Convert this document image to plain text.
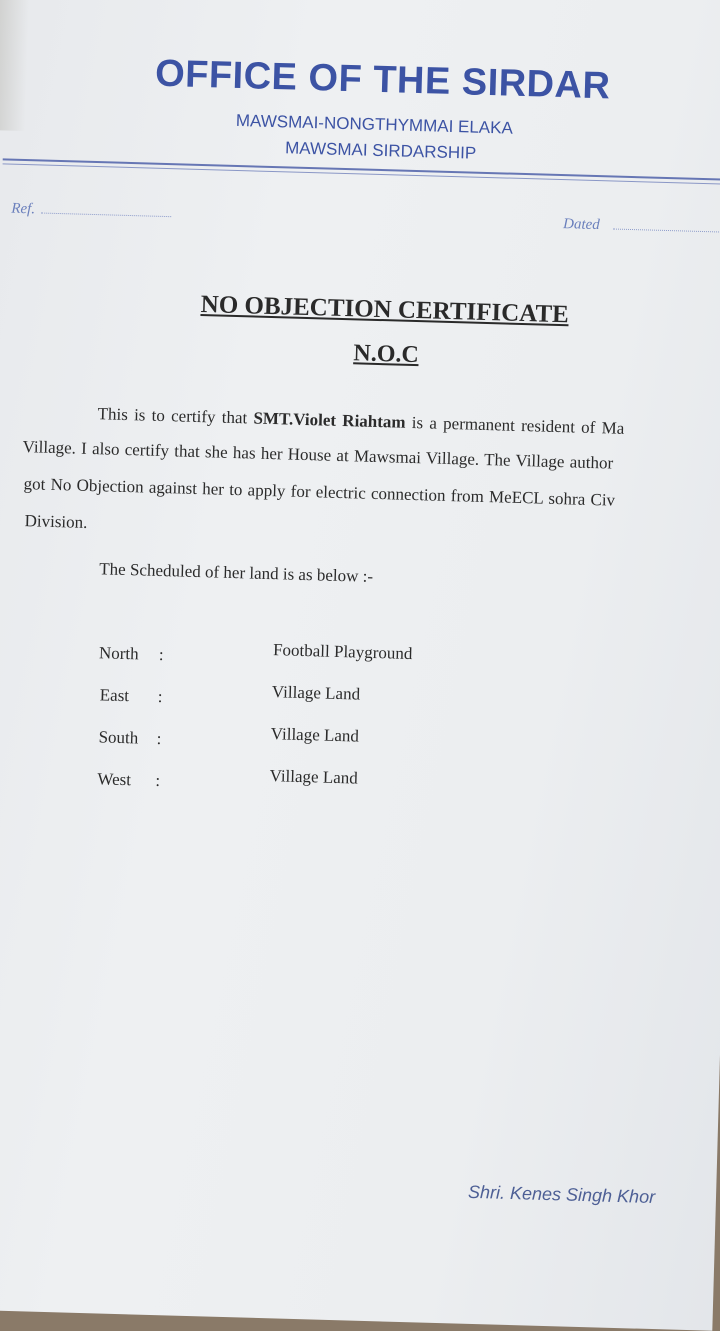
OFFICE OF THE SIRDAR
MAWSMAI-NONGTHYMMAI ELAKA
MAWSMAI SIRDARSHIP
Ref.
Dated
NO OBJECTION CERTIFICATE
N.O.C
This is to certify that SMT.Violet Riahtam is a permanent resident of Ma
Village. I also certify that she has her House at Mawsmai Village. The Village author
got No Objection against her to apply for electric connection from MeECL sohra Civ
Division.
The Scheduled of her land is as below :-
North :	Football Playground
East :	Village Land
South :	Village Land
West :	Village Land
Shri. Kenes Singh Khor
